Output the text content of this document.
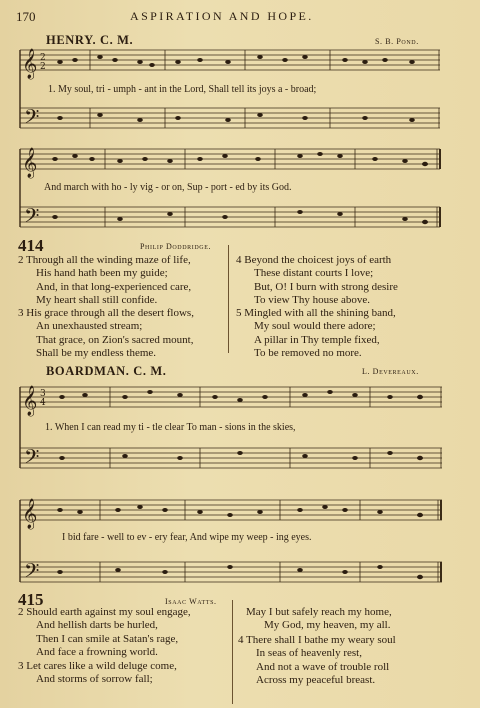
170	ASPIRATION AND HOPE.
HENRY. C. M.	S. B. Pond.
𝄞
𝄢
2
2
𝄞
𝄢
𝄞
𝄢
3
4
𝄞
𝄢
1. My soul, tri - umph - ant in the Lord, Shall tell its joys a - broad;
And march with ho - ly vig - or on, Sup - port - ed by its God.
414	Philip Doddridge.
2 Through all the winding maze of life,
His hand hath been my guide;
And, in that long-experienced care,
My heart shall still confide.
3 His grace through all the desert flows,
An unexhausted stream;
That grace, on Zion's sacred mount,
Shall be my endless theme.
4 Beyond the choicest joys of earth
These distant courts I love;
But, O! I burn with strong desire
To view Thy house above.
5 Mingled with all the shining band,
My soul would there adore;
A pillar in Thy temple fixed,
To be removed no more.
BOARDMAN. C. M.	L. Devereaux.
1. When I can read my ti - tle clear To man - sions in the skies,
I bid fare - well to ev - ery fear, And wipe my weep - ing eyes.
415	Isaac Watts.
2 Should earth against my soul engage,
And hellish darts be hurled,
Then I can smile at Satan's rage,
And face a frowning world.
3 Let cares like a wild deluge come,
And storms of sorrow fall;
May I but safely reach my home,
My God, my heaven, my all.
4 There shall I bathe my weary soul
In seas of heavenly rest,
And not a wave of trouble roll
Across my peaceful breast.
